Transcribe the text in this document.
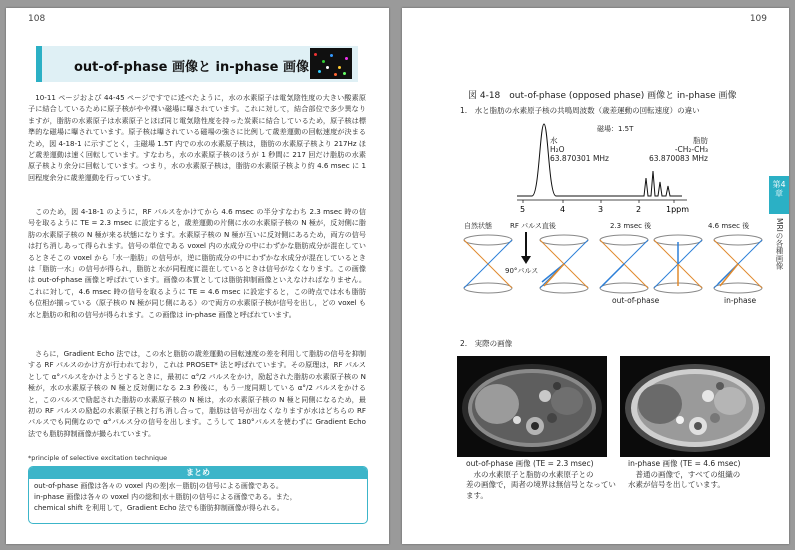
108
out-of-phase 画像と in-phase 画像

　10-11 ページおよび 44-45 ページですでに述べたように，水の水素原子は電気陰性度の大きい酸素原子に結合しているために原子核がやや裸い磁場に曝されています。これに対して，結合部位で多少異なりますが，脂肪の水素原子は水素原子とほぼ同じ電気陰性度を持った炭素に結合しているため，原子核は標準的な磁場に曝されています。原子核は曝されている磁場の強さに比例して歳差運動の回転速度が決まるため，図 4-18-1 に示すごとく，主磁場 1.5T 内での水の水素原子核は，脂肪の水素原子核より 217Hz ほど歳差運動は速く回転しています。すなわち，水の水素原子核のほうが 1 秒間に 217 回だけ脂肪の水素原子核より余分に回転しています。つまり，水の水素原子核は，脂肪の水素原子核より約 4.6 msec に 1 回程度余分に歳差運動を行っています。

　このため，図 4-18-1 のように，RF パルスをかけてから 4.6 msec の半分すなわち 2.3 msec 時の信号を取るように TE = 2.3 msec に設定すると，歳差運動の片側に水の水素原子核の N 極が，反対側に脂肪の水素原子核の N 極が来る状態になります。水素原子核の N 極が互いに反対側にあるため，両方の信号は打ち消しあって得られます。信号の単位である voxel 内の水成分の中にわずかな脂肪成分が混在しているときそこの voxel から「水一脂肪」の信号が，逆に脂肪成分の中にわずかな水成分が混在しているときは「脂肪一水」の信号が得られ，脂肪と水が同程度に混在しているときは信号がなくなります。この画像は out-of-phase 画像と呼ばれています。画像の本質としては脂肪抑制画像といえなければなりません。これに対して，4.6 msec 時の信号を取るように TE = 4.6 msec に設定すると，この時点では水も脂肪も位相が揃っている（原子核の N 極が同じ側にある）ので両方の水素原子核が信号を出し，どの voxel も水と脂肪の和和の信号が得られます。この画像は in-phase 画像と呼ばれています。

　さらに，Gradient Echo 法では，この水と脂肪の歳差運動の回転速度の差を利用して脂肪の信号を抑制する RF パルスのかけ方が行われており，これは PROSET* 法と呼ばれています。その原理は，RF パルスとして α°パルスをかけようとするときに，最初に α°/2 パルスをかけ，励起された脂肪の水素原子核の N 極が，水の水素原子核の N 極と反対側になる 2.3 秒後に，もう一度同期している α°/2 パルスをかけると，このパルスで励起された脂肪の水素原子核の N 極は，水の水素原子核の N 極と同側になるため，最初の RF パルスの励起の水素原子核と打ち消し合って，脂肪は信号が出なくなりますが水はどちらの RF パルスでも同側なので α°パルス分の信号を出します。こうして 180°パルスを使わずに Gradient Echo 法でも脂肪抑制画像が撮られています。

*principle of selective excitation technique
まとめ
out-of-phase 画像は各々の voxel 内の差|水－脂肪|の信号による画像である。
in-phase 画像は各々の voxel 内の総和|水＋脂肪|の信号による画像である。また，
chemical shift を利用して，Gradient Echo 法でも脂肪抑制画像が得られる。
109
図 4-18　out-of-phase (opposed phase) 画像と in-phase 画像
1.　水と脂肪の水素原子核の共鳴周波数（歳差運動の回転速度）の違い
5	4	3	2	1ppm
磁場：1.5T
水
H₂O
63.870301 MHz
脂肪
-CH₂-CH₃
63.870083 MHz
自然状態	RF パルス直後	2.3 msec 後	4.6 msec 後
90°パルス
out-of-phase	in-phase
2.　実際の画像
out-of-phase 画像 (TE = 2.3 msec)
　水の水素原子と脂肪の水素原子との
差の画像で，両者の境界は無信号となっています。
in-phase 画像 (TE = 4.6 msec)
　普通の画像で，すべての組織の
水素が信号を出しています。
第4章
MRIの各種画像
